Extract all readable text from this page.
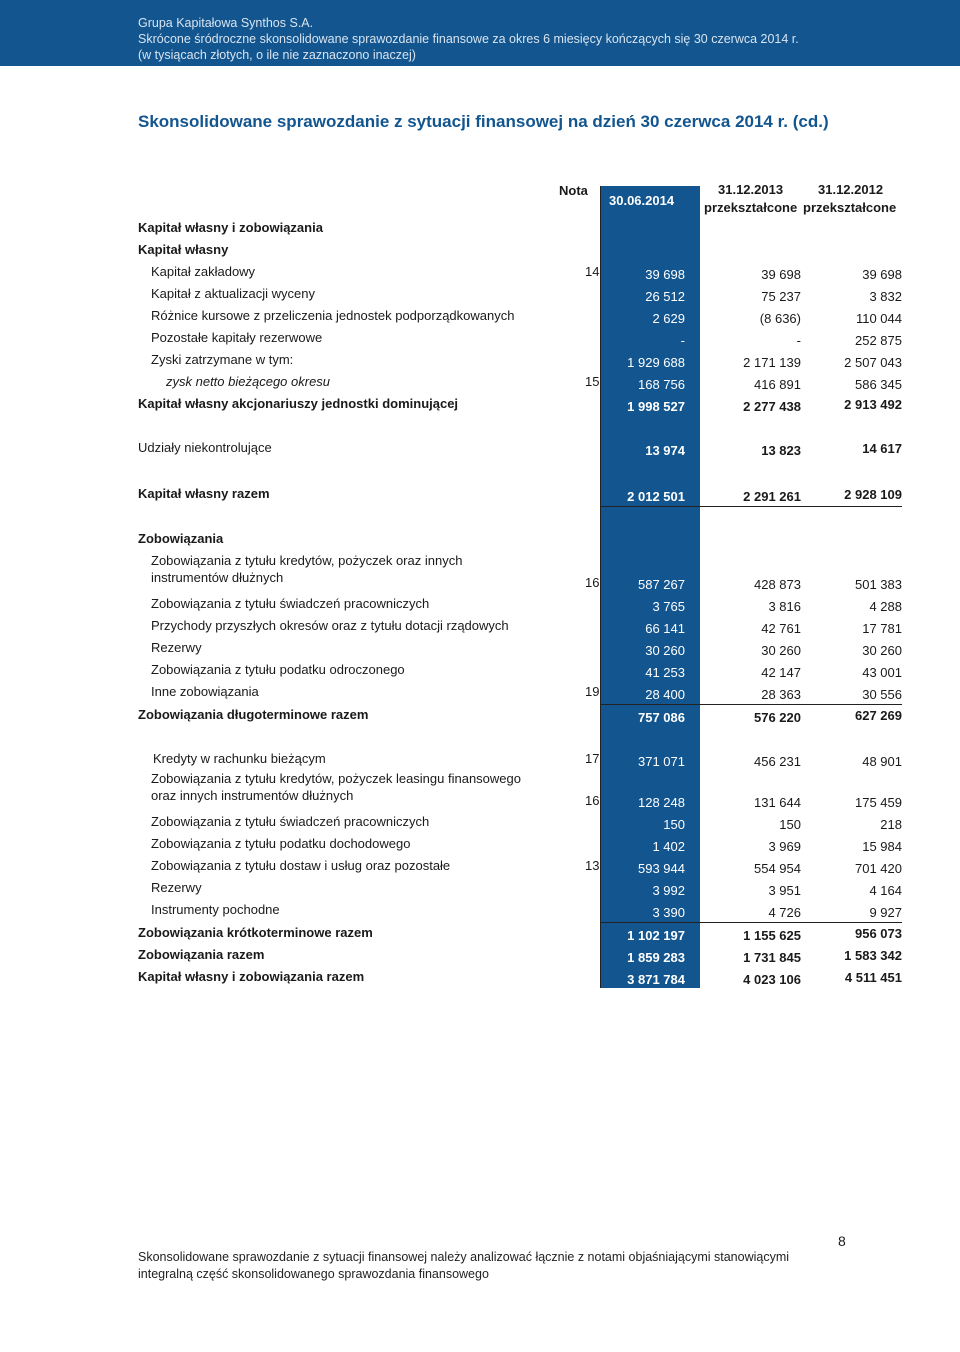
Grupa Kapitałowa Synthos S.A.
Skrócone śródroczne skonsolidowane sprawozdanie finansowe za okres 6 miesięcy kończących się 30 czerwca 2014 r.
(w tysiącach złotych, o ile nie zaznaczono inaczej)
Skonsolidowane sprawozdanie z sytuacji finansowej na dzień 30 czerwca 2014 r. (cd.)
Nota
30.06.2014
31.12.2013	31.12.2012
przekształcone przekształcone
Kapitał własny i zobowiązania
Kapitał własny
Kapitał zakładowy	14	39 698	39 698	39 698
Kapitał z aktualizacji wyceny	26 512	75 237	3 832
Różnice kursowe z przeliczenia jednostek podporządkowanych	2 629	(8 636)	110 044
Pozostałe kapitały rezerwowe	-	-	252 875
Zyski zatrzymane w tym:	1 929 688	2 171 139	2 507 043
zysk netto bieżącego okresu	15	168 756	416 891	586 345
Kapitał własny akcjonariuszy jednostki dominującej	1 998 527	2 277 438	2 913 492
Udziały niekontrolujące	13 974	13 823	14 617
Kapitał własny razem	2 012 501	2 291 261	2 928 109
Zobowiązania
Zobowiązania z tytułu kredytów, pożyczek oraz innych
instrumentów dłużnych	16	587 267	428 873	501 383
Zobowiązania z tytułu świadczeń pracowniczych	3 765	3 816	4 288
Przychody przyszłych okresów oraz z tytułu dotacji rządowych	66 141	42 761	17 781
Rezerwy	30 260	30 260	30 260
Zobowiązania z tytułu podatku odroczonego	41 253	42 147	43 001
Inne zobowiązania	19	28 400	28 363	30 556
Zobowiązania długoterminowe razem	757 086	576 220	627 269
Kredyty w rachunku bieżącym	17	371 071	456 231	48 901
Zobowiązania z tytułu kredytów, pożyczek leasingu finansowego
oraz innych instrumentów dłużnych	16	128 248	131 644	175 459
Zobowiązania z tytułu świadczeń pracowniczych	150	150	218
Zobowiązania z tytułu podatku dochodowego	1 402	3 969	15 984
Zobowiązania z tytułu dostaw i usług oraz pozostałe	13	593 944	554 954	701 420
Rezerwy	3 992	3 951	4 164
Instrumenty pochodne	3 390	4 726	9 927
Zobowiązania krótkoterminowe razem	1 102 197	1 155 625	956 073
Zobowiązania razem	1 859 283	1 731 845	1 583 342
Kapitał własny i zobowiązania razem	3 871 784	4 023 106	4 511 451
Skonsolidowane sprawozdanie z sytuacji finansowej należy analizować łącznie z notami objaśniającymi stanowiącymi integralną część skonsolidowanego sprawozdania finansowego
8
